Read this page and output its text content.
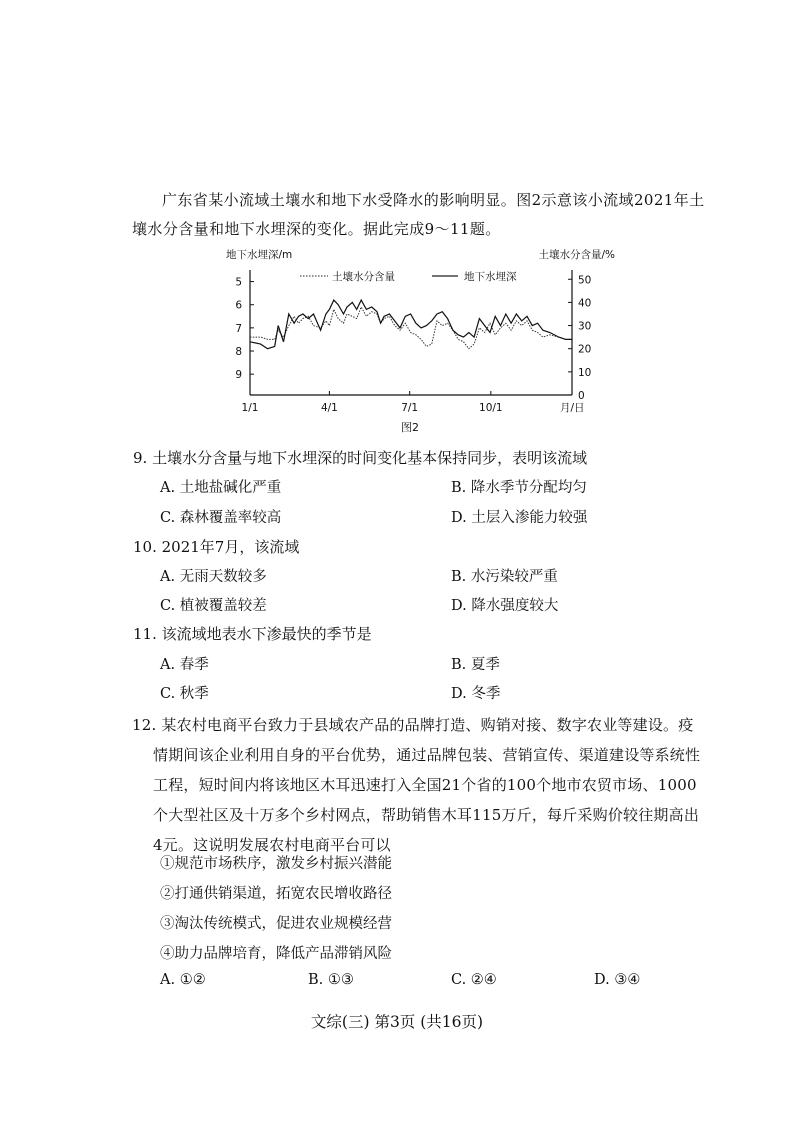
广东省某小流域土壤水和地下水受降水的影响明显。图2示意该小流域2021年土壤水分含量和地下水埋深的变化。据此完成9～11题。
地下水埋深/m	土壤水分含量/%
土壤水分含量	地下水埋深
1/1	4/1	7/1	10/1
5
6
7
8
9
0
10
20
30
40
50
月/日
图2
9. 土壤水分含量与地下水埋深的时间变化基本保持同步，表明该流域
A. 土地盐碱化严重	B. 降水季节分配均匀
C. 森林覆盖率较高	D. 土层入渗能力较强
10. 2021年7月，该流域
A. 无雨天数较多	B. 水污染较严重
C. 植被覆盖较差	D. 降水强度较大
11. 该流域地表水下渗最快的季节是
A. 春季	B. 夏季
C. 秋季	D. 冬季
12. 某农村电商平台致力于县域农产品的品牌打造、购销对接、数字农业等建设。疫情期间该企业利用自身的平台优势，通过品牌包装、营销宣传、渠道建设等系统性工程，短时间内将该地区木耳迅速打入全国21个省的100个地市农贸市场、1000个大型社区及十万多个乡村网点，帮助销售木耳115万斤，每斤采购价较往期高出4元。这说明发展农村电商平台可以
①规范市场秩序，激发乡村振兴潜能
②打通供销渠道，拓宽农民增收路径
③淘汰传统模式，促进农业规模经营
④助力品牌培育，降低产品滞销风险
A. ①②	B. ①③	C. ②④	D. ③④
文综(三) 第3页 (共16页)
